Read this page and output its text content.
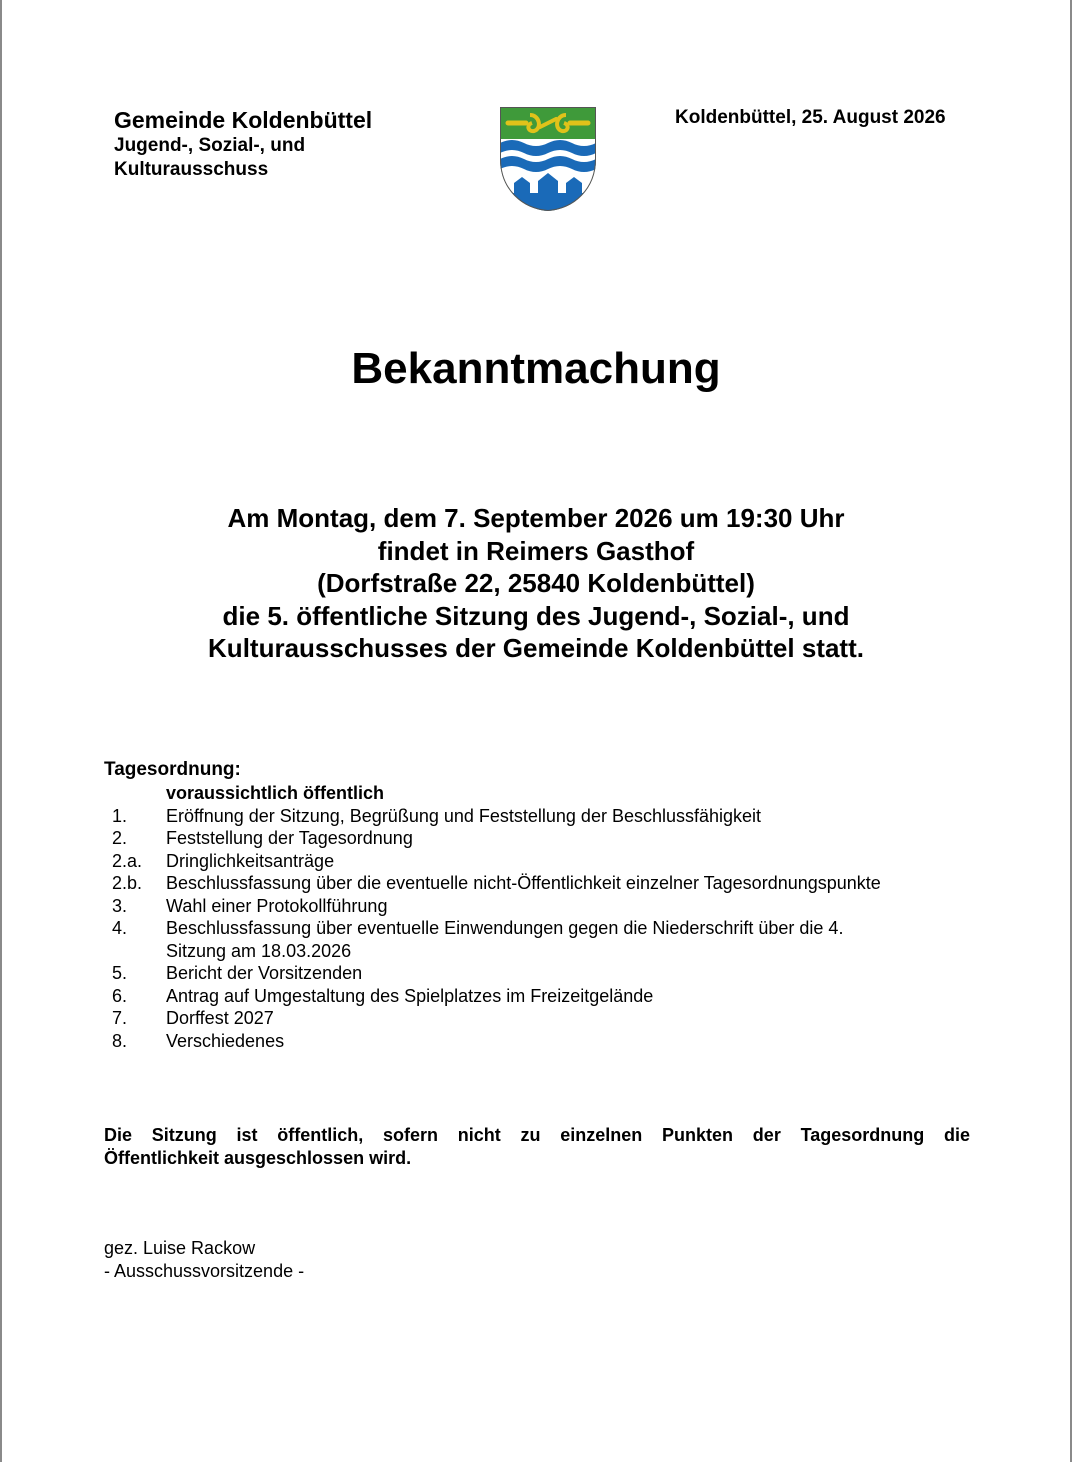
Gemeinde Koldenbüttel
Jugend-, Sozial-, und
Kulturausschuss
Koldenbüttel, 25. August 2026
Bekanntmachung
Am Montag, dem 7. September 2026 um 19:30 Uhr
findet in Reimers Gasthof
(Dorfstraße 22, 25840 Koldenbüttel)
die 5. öffentliche Sitzung des Jugend-, Sozial-, und
Kulturausschusses der Gemeinde Koldenbüttel statt.
Tagesordnung:
voraussichtlich öffentlich
1.	Eröffnung der Sitzung, Begrüßung und Feststellung der Beschlussfähigkeit
2.	Feststellung der Tagesordnung
2.a.	Dringlichkeitsanträge
2.b.	Beschlussfassung über die eventuelle nicht-Öffentlichkeit einzelner Tagesordnungspunkte
3.	Wahl einer Protokollführung
4.	Beschlussfassung über eventuelle Einwendungen gegen die Niederschrift über die 4.
Sitzung am 18.03.2026
5.	Bericht der Vorsitzenden
6.	Antrag auf Umgestaltung des Spielplatzes im Freizeitgelände
7.	Dorffest 2027
8.	Verschiedenes
Die Sitzung ist öffentlich, sofern nicht zu einzelnen Punkten der Tagesordnung die
Öffentlichkeit ausgeschlossen wird.
gez. Luise Rackow
- Ausschussvorsitzende -
